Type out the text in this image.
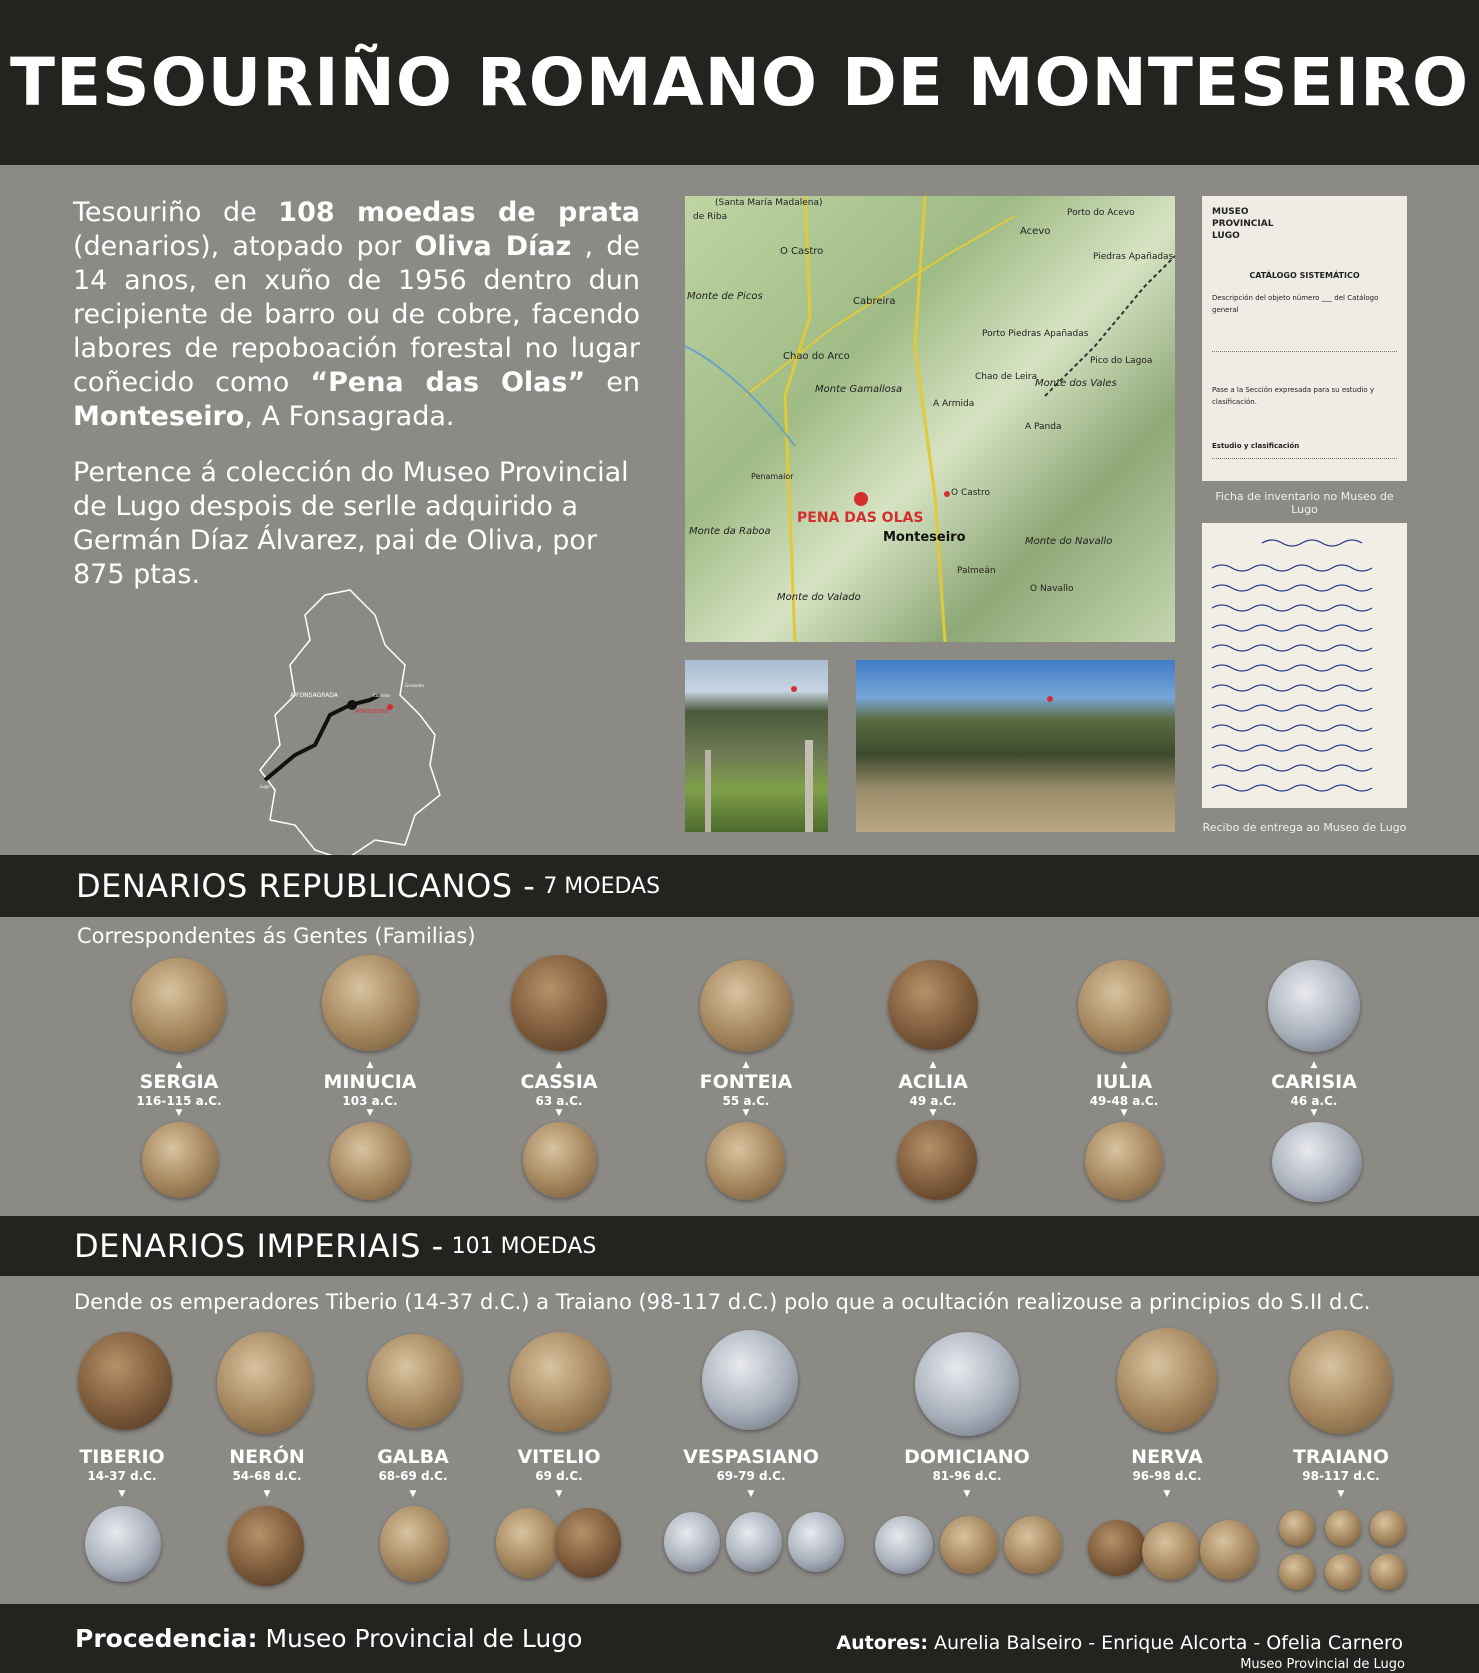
TESOURIÑO ROMANO DE MONTESEIRO

Tesouriño de 108 moedas de prata (denarios), atopado por Oliva Díaz , de 14 anos, en xuño de 1956 dentro dun recipiente de barro ou de cobre, facendo labores de repoboación forestal no lugar coñecido como “Pena das Olas” en Monteseiro, A Fonsagrada.

Pertence á colección do Museo Provincial de Lugo despois de serlle adquirido a Germán Díaz Álvarez, pai de Oliva, por 875 ptas.

A FONSAGRADA
MONTESEIRO
Cabreira
Gruandes
Lugo
PENA DAS OLAS
Monteseiro
(Santa María Madalena)
de Riba
O Castro
Acevo
Porto do Acevo
Piedras Apañadas
Monte de Picos	Cabreira
Chao do Arco
Porto Piedras Apañadas
Pico do Lagoa
Monte Gamallosa
Chao de Leira
Monte dos Vales
A Armida
A Panda
Penamaior
O Castro
Monte da Raboa
Monte do Navallo
Monte do Valado
Palmeán
O Navallo
MUSEO PROVINCIAL LUGO
CATÁLOGO SISTEMÁTICO
Descripción del objeto número ___ del Catálogo general
Pase a la Sección expresada para su estudio y clasificación.
Estudio y clasificación
Ficha de inventario no Museo de Lugo
Recibo de entrega ao Museo de Lugo
DENARIOS REPUBLICANOS - 7 MOEDAS
Correspondentes ás Gentes (Familias)
▲	▲	▲	▲	▲	▲	▲
SERGIA
116-115 a.C.
MINUCIA
103 a.C.
CASSIA
63 a.C.
FONTEIA
55 a.C.
ACILIA
49 a.C.
IULIA
49-48 a.C.
CARISIA
46 a.C.
▼	▼	▼	▼	▼	▼	▼
DENARIOS IMPERIAIS - 101 MOEDAS
Dende os emperadores Tiberio (14-37 d.C.) a Traiano (98-117 d.C.) polo que a ocultación realizouse a principios do S.II d.C.
TIBERIO
14-37 d.C.
NERÓN
54-68 d.C.
GALBA
68-69 d.C.
VITELIO
69 d.C.
VESPASIANO
69-79 d.C.
DOMICIANO
81-96 d.C.
NERVA
96-98 d.C.
TRAIANO
98-117 d.C.
▼	▼	▼	▼	▼	▼	▼	▼
Procedencia: Museo Provincial de Lugo	Autores: Aurelia Balseiro - Enrique Alcorta - Ofelia Carnero
Museo Provincial de Lugo
